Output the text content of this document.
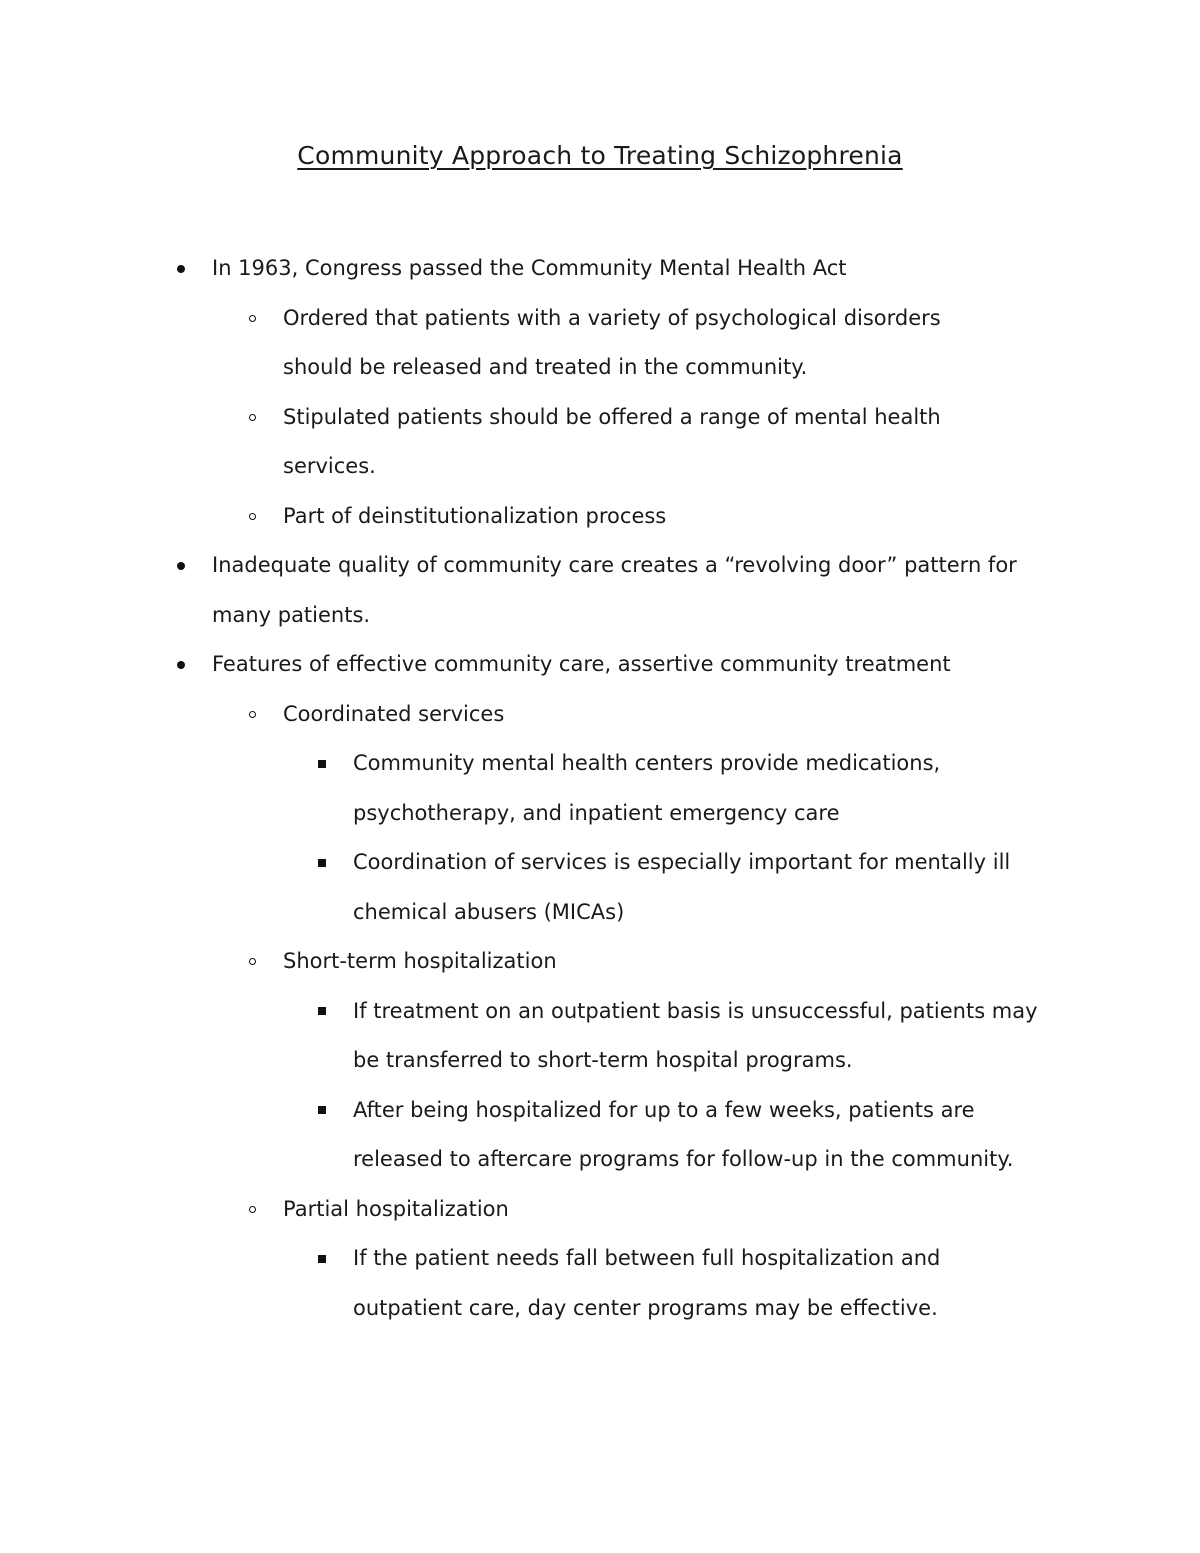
Community Approach to Treating Schizophrenia
In 1963, Congress passed the Community Mental Health Act
Ordered that patients with a variety of psychological disorders should be released and treated in the community.
Stipulated patients should be offered a range of mental health services.
Part of deinstitutionalization process
Inadequate quality of community care creates a “revolving door” pattern for many patients.
Features of effective community care, assertive community treatment
Coordinated services
Community mental health centers provide medications, psychotherapy, and inpatient emergency care
Coordination of services is especially important for mentally ill chemical abusers (MICAs)
Short-term hospitalization
If treatment on an outpatient basis is unsuccessful, patients may be transferred to short-term hospital programs.
After being hospitalized for up to a few weeks, patients are released to aftercare programs for follow-up in the community.
Partial hospitalization
If the patient needs fall between full hospitalization and outpatient care, day center programs may be effective.
